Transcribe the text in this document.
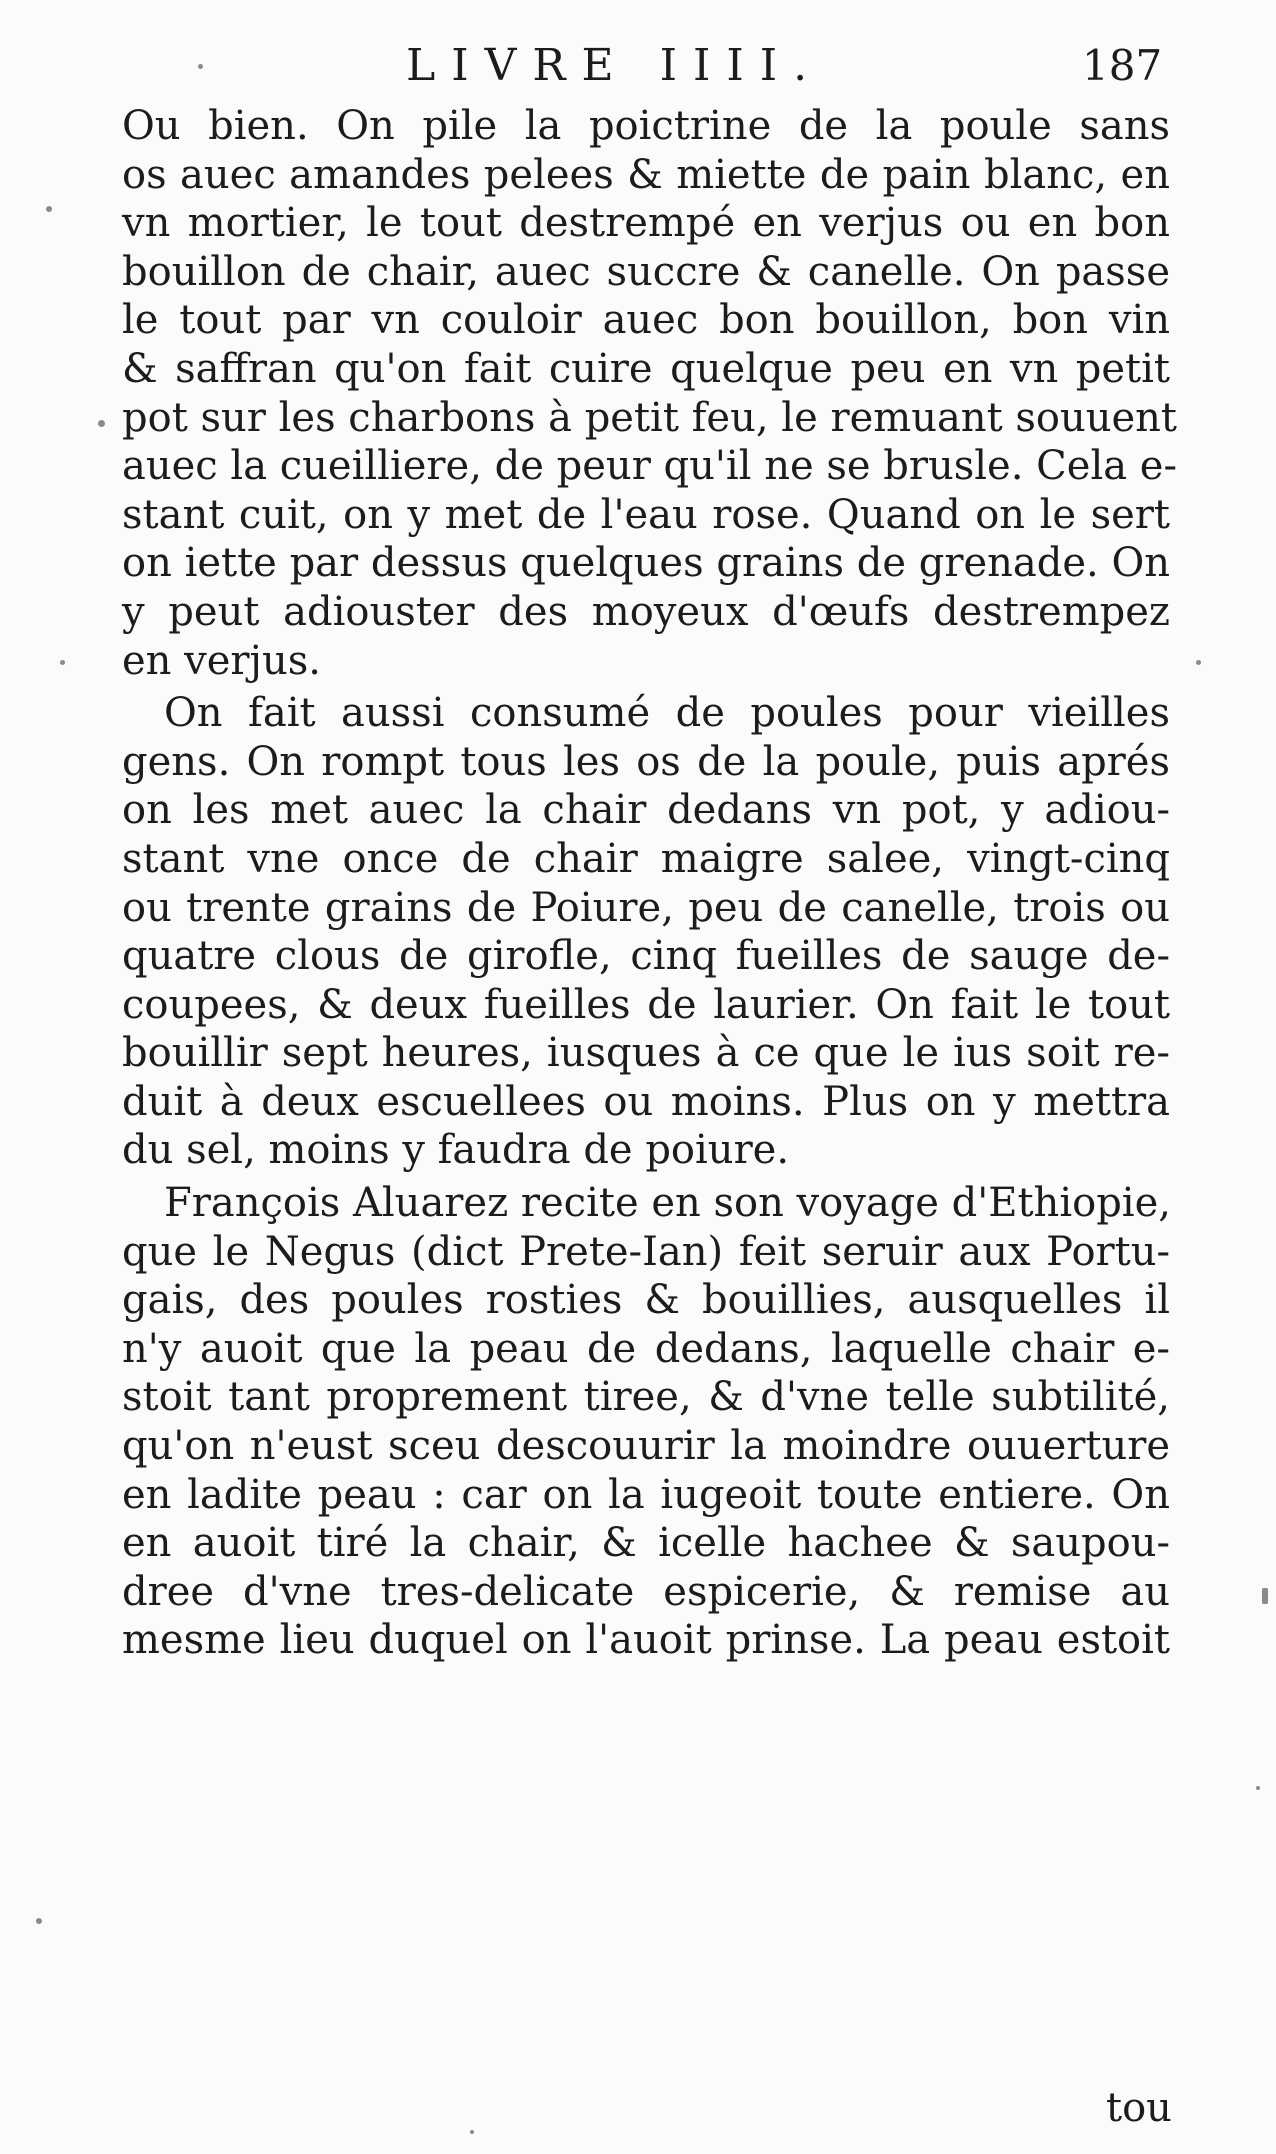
LIVRE IIII.	187
Ou bien. On pile la poictrine de la poule sans
os auec amandes pelees & miette de pain blanc, en
vn mortier, le tout destrempé en verjus ou en bon
bouillon de chair, auec succre & canelle. On passe
le tout par vn couloir auec bon bouillon, bon vin
& saffran qu'on fait cuire quelque peu en vn petit
pot sur les charbons à petit feu, le remuant souuent
auec la cueilliere, de peur qu'il ne se brusle. Cela e-
stant cuit, on y met de l'eau rose. Quand on le sert
on iette par dessus quelques grains de grenade. On
y peut adiouster des moyeux d'œufs destrempez
en verjus.
On fait aussi consumé de poules pour vieilles
gens. On rompt tous les os de la poule, puis aprés
on les met auec la chair dedans vn pot, y adiou-
stant vne once de chair maigre salee, vingt-cinq
ou trente grains de Poiure, peu de canelle, trois ou
quatre clous de girofle, cinq fueilles de sauge de-
coupees, & deux fueilles de laurier. On fait le tout
bouillir sept heures, iusques à ce que le ius soit re-
duit à deux escuellees ou moins. Plus on y mettra
du sel, moins y faudra de poiure.
François Aluarez recite en son voyage d'Ethiopie,
que le Negus (dict Prete-Ian) feit seruir aux Portu-
gais, des poules rosties & bouillies, ausquelles il
n'y auoit que la peau de dedans, laquelle chair e-
stoit tant proprement tiree, & d'vne telle subtilité,
qu'on n'eust sceu descouurir la moindre ouuerture
en ladite peau : car on la iugeoit toute entiere. On
en auoit tiré la chair, & icelle hachee & saupou-
dree d'vne tres-delicate espicerie, & remise au
mesme lieu duquel on l'auoit prinse. La peau estoit
tou
